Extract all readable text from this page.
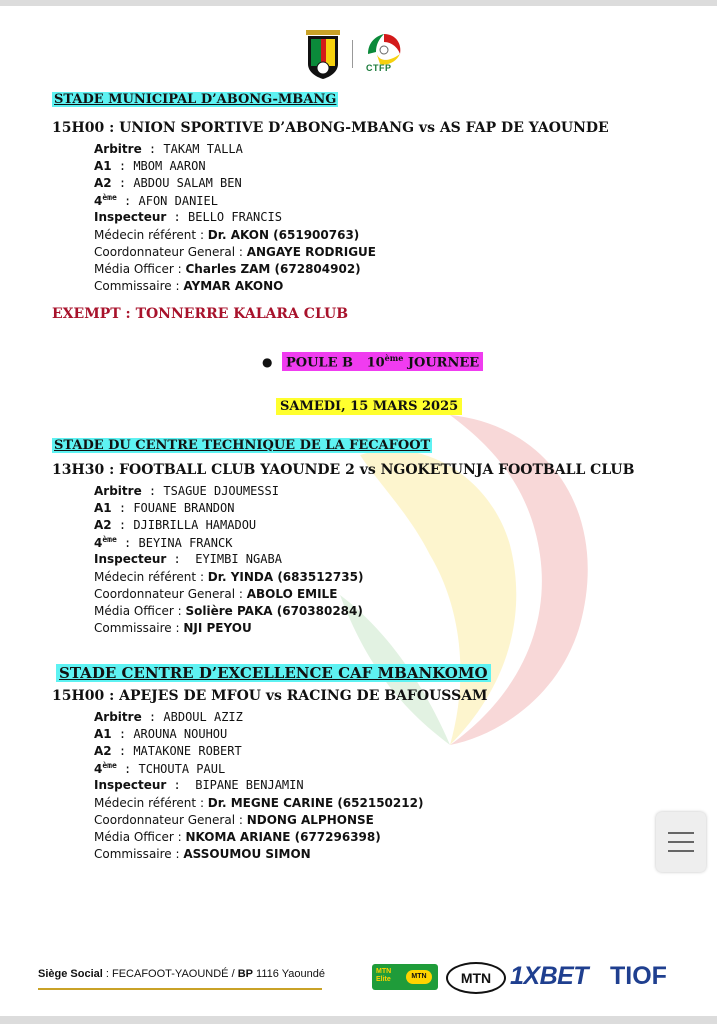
CTFP
STADE MUNICIPAL D’ABONG-MBANG
15H00 : UNION SPORTIVE D’ABONG-MBANG vs AS FAP DE YAOUNDE
Arbitre : TAKAM TALLA
A1 : MBOM AARON
A2 : ABDOU SALAM BEN
4ème : AFON DANIEL
Inspecteur : BELLO FRANCIS
Médecin référent : Dr. AKON (651900763)
Coordonnateur General : ANGAYE RODRIGUE
Média Officer : Charles ZAM (672804902)
Commissaire : AYMAR AKONO
EXEMPT : TONNERRE KALARA CLUB
●	POULE B   10ème JOURNEE
SAMEDI, 15 MARS 2025
STADE DU CENTRE TECHNIQUE DE LA FECAFOOT
13H30 : FOOTBALL CLUB YAOUNDE 2 vs NGOKETUNJA FOOTBALL CLUB
Arbitre : TSAGUE DJOUMESSI
A1 : FOUANE BRANDON
A2 : DJIBRILLA HAMADOU
4ème : BEYINA FRANCK
Inspecteur :  EYIMBI NGABA
Médecin référent : Dr. YINDA (683512735)
Coordonnateur General : ABOLO EMILE
Média Officer : Solière PAKA (670380284)
Commissaire : NJI PEYOU
STADE CENTRE D’EXCELLENCE CAF MBANKOMO
15H00 : APEJES DE MFOU vs RACING DE BAFOUSSAM
Arbitre : ABDOUL AZIZ
A1 : AROUNA NOUHOU
A2 : MATAKONE ROBERT
4ème : TCHOUTA PAUL
Inspecteur :  BIPANE BENJAMIN
Médecin référent : Dr. MEGNE CARINE (652150212)
Coordonnateur General : NDONG ALPHONSE
Média Officer : NKOMA ARIANE (677296398)
Commissaire : ASSOUMOU SIMON
Siège Social : FECAFOOT-YAOUNDÉ / BP 1116 Yaoundé	MTN
Elite	MTN	MTN 1XBET TIOF
